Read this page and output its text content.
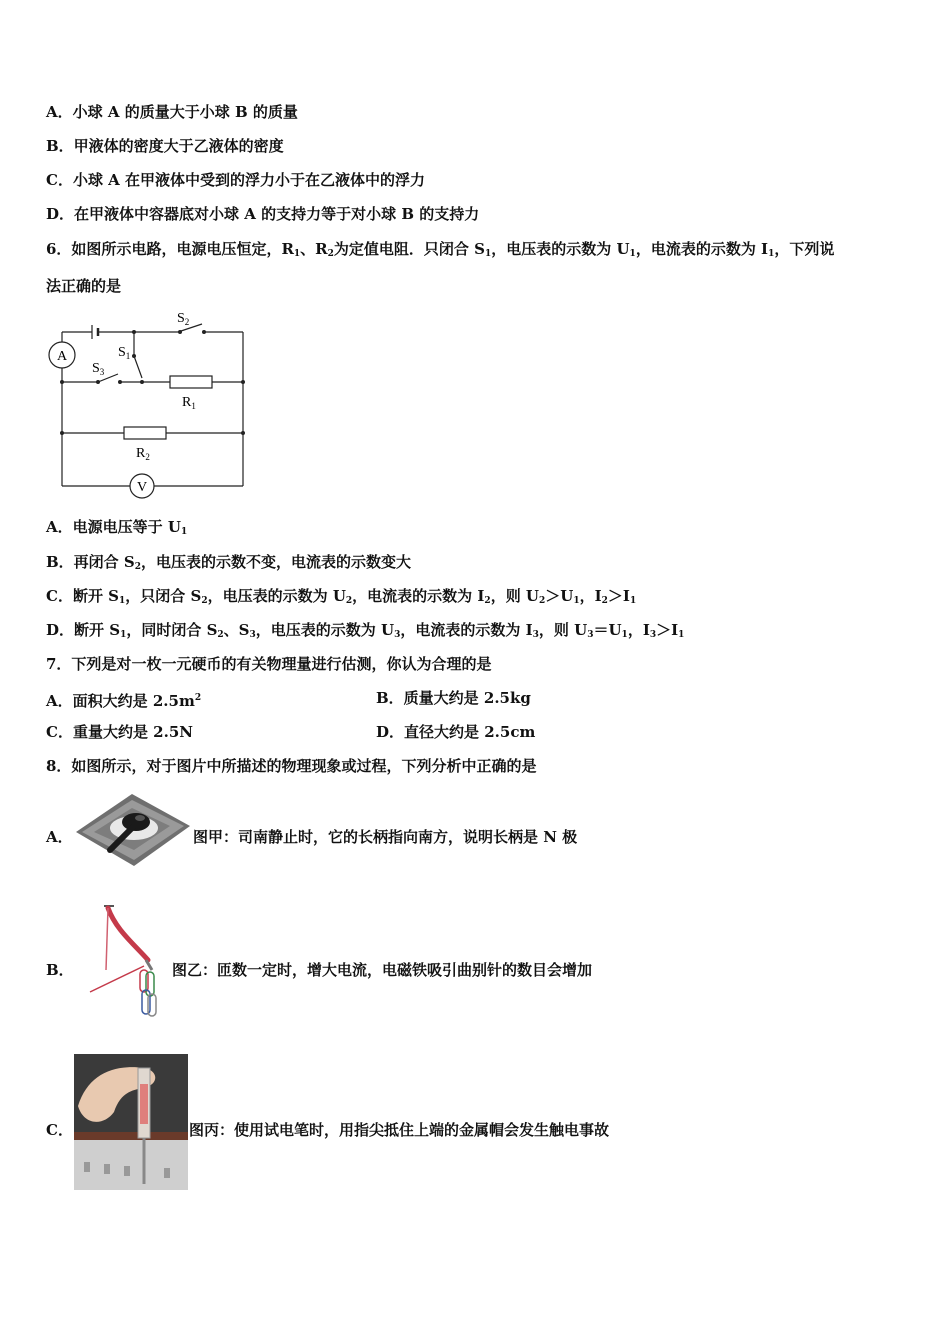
A．小球 A 的质量大于小球 B 的质量
B．甲液体的密度大于乙液体的密度
C．小球 A 在甲液体中受到的浮力小于在乙液体中的浮力
D．在甲液体中容器底对小球 A 的支持力等于对小球 B 的支持力
6．如图所示电路，电源电压恒定，$R_1$、$R_2$为定值电阻．只闭合 $S_1$，电压表的示数为 $U_1$，电流表的示数为 $I_1$，下列说
法正确的是
A
V
$S_2$
$S_1$
$S_3$
$R_1$
$R_2$
A．电源电压等于 $U_1$
B．再闭合 $S_2$，电压表的示数不变，电流表的示数变大
C．断开 $S_1$，只闭合 $S_2$，电压表的示数为 $U_2$，电流表的示数为 $I_2$，则 $U_2>U_1$，$I_2>I_1$
D．断开 $S_1$，同时闭合 $S_2$、$S_3$，电压表的示数为 $U_3$，电流表的示数为 $I_3$，则 $U_3=U_1$，$I_3>I_1$
7．下列是对一枚一元硬币的有关物理量进行估测，你认为合理的是
A．面积大约是 $2.5m^2$	B．质量大约是 2.5kg
C．重量大约是 2.5N	D．直径大约是 2.5cm
8．如图所示，对于图片中所描述的物理现象或过程，下列分析中正确的是
A．	图甲：司南静止时，它的长柄指向南方，说明长柄是 N 极
B．	图乙：匝数一定时，增大电流，电磁铁吸引曲别针的数目会增加
C．	图丙：使用试电笔时，用指尖抵住上端的金属帽会发生触电事故
